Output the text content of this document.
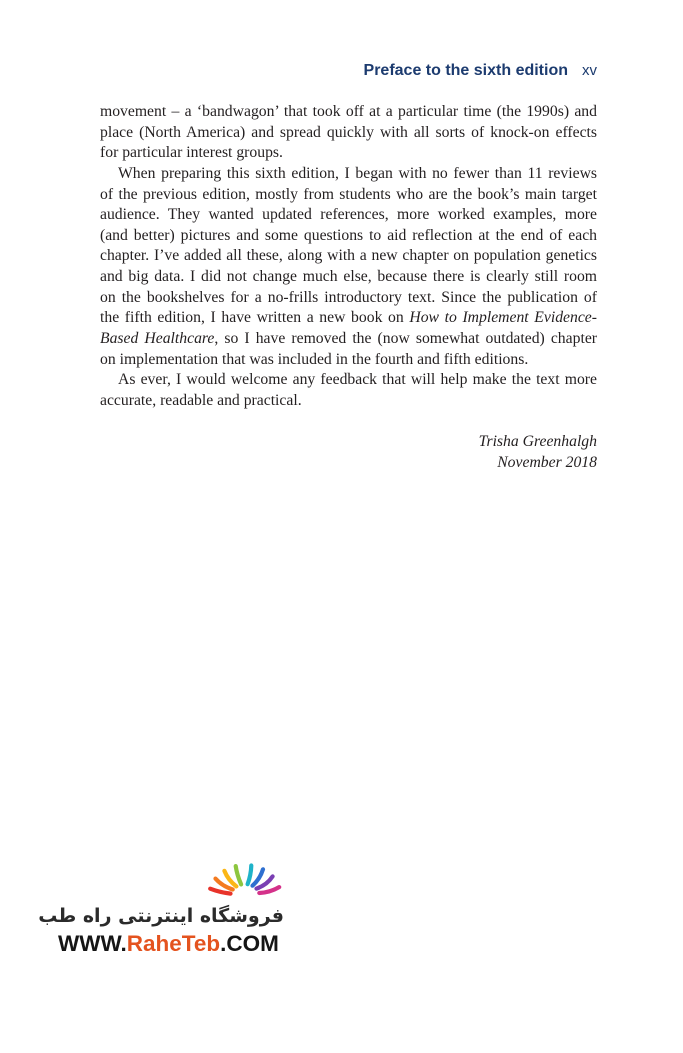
Preface to the sixth edition xv
movement – a ‘bandwagon’ that took off at a particular time (the 1990s) and
place (North America) and spread quickly with all sorts of knock-on effects
for particular interest groups.
When preparing this sixth edition, I began with no fewer than 11 reviews
of the previous edition, mostly from students who are the book’s main target
audience. They wanted updated references, more worked examples, more
(and better) pictures and some questions to aid reflection at the end of each
chapter. I’ve added all these, along with a new chapter on population genetics
and big data. I did not change much else, because there is clearly still room
on the bookshelves for a no-frills introductory text. Since the publication of
the fifth edition, I have written a new book on How to Implement Evidence-
Based Healthcare, so I have removed the (now somewhat outdated) chapter
on implementation that was included in the fourth and fifth editions.
As ever, I would welcome any feedback that will help make the text more
accurate, readable and practical.
Trisha Greenhalgh
November 2018
فروشگاه اینترنتی راه طب
WWW.RaheTeb.COM
